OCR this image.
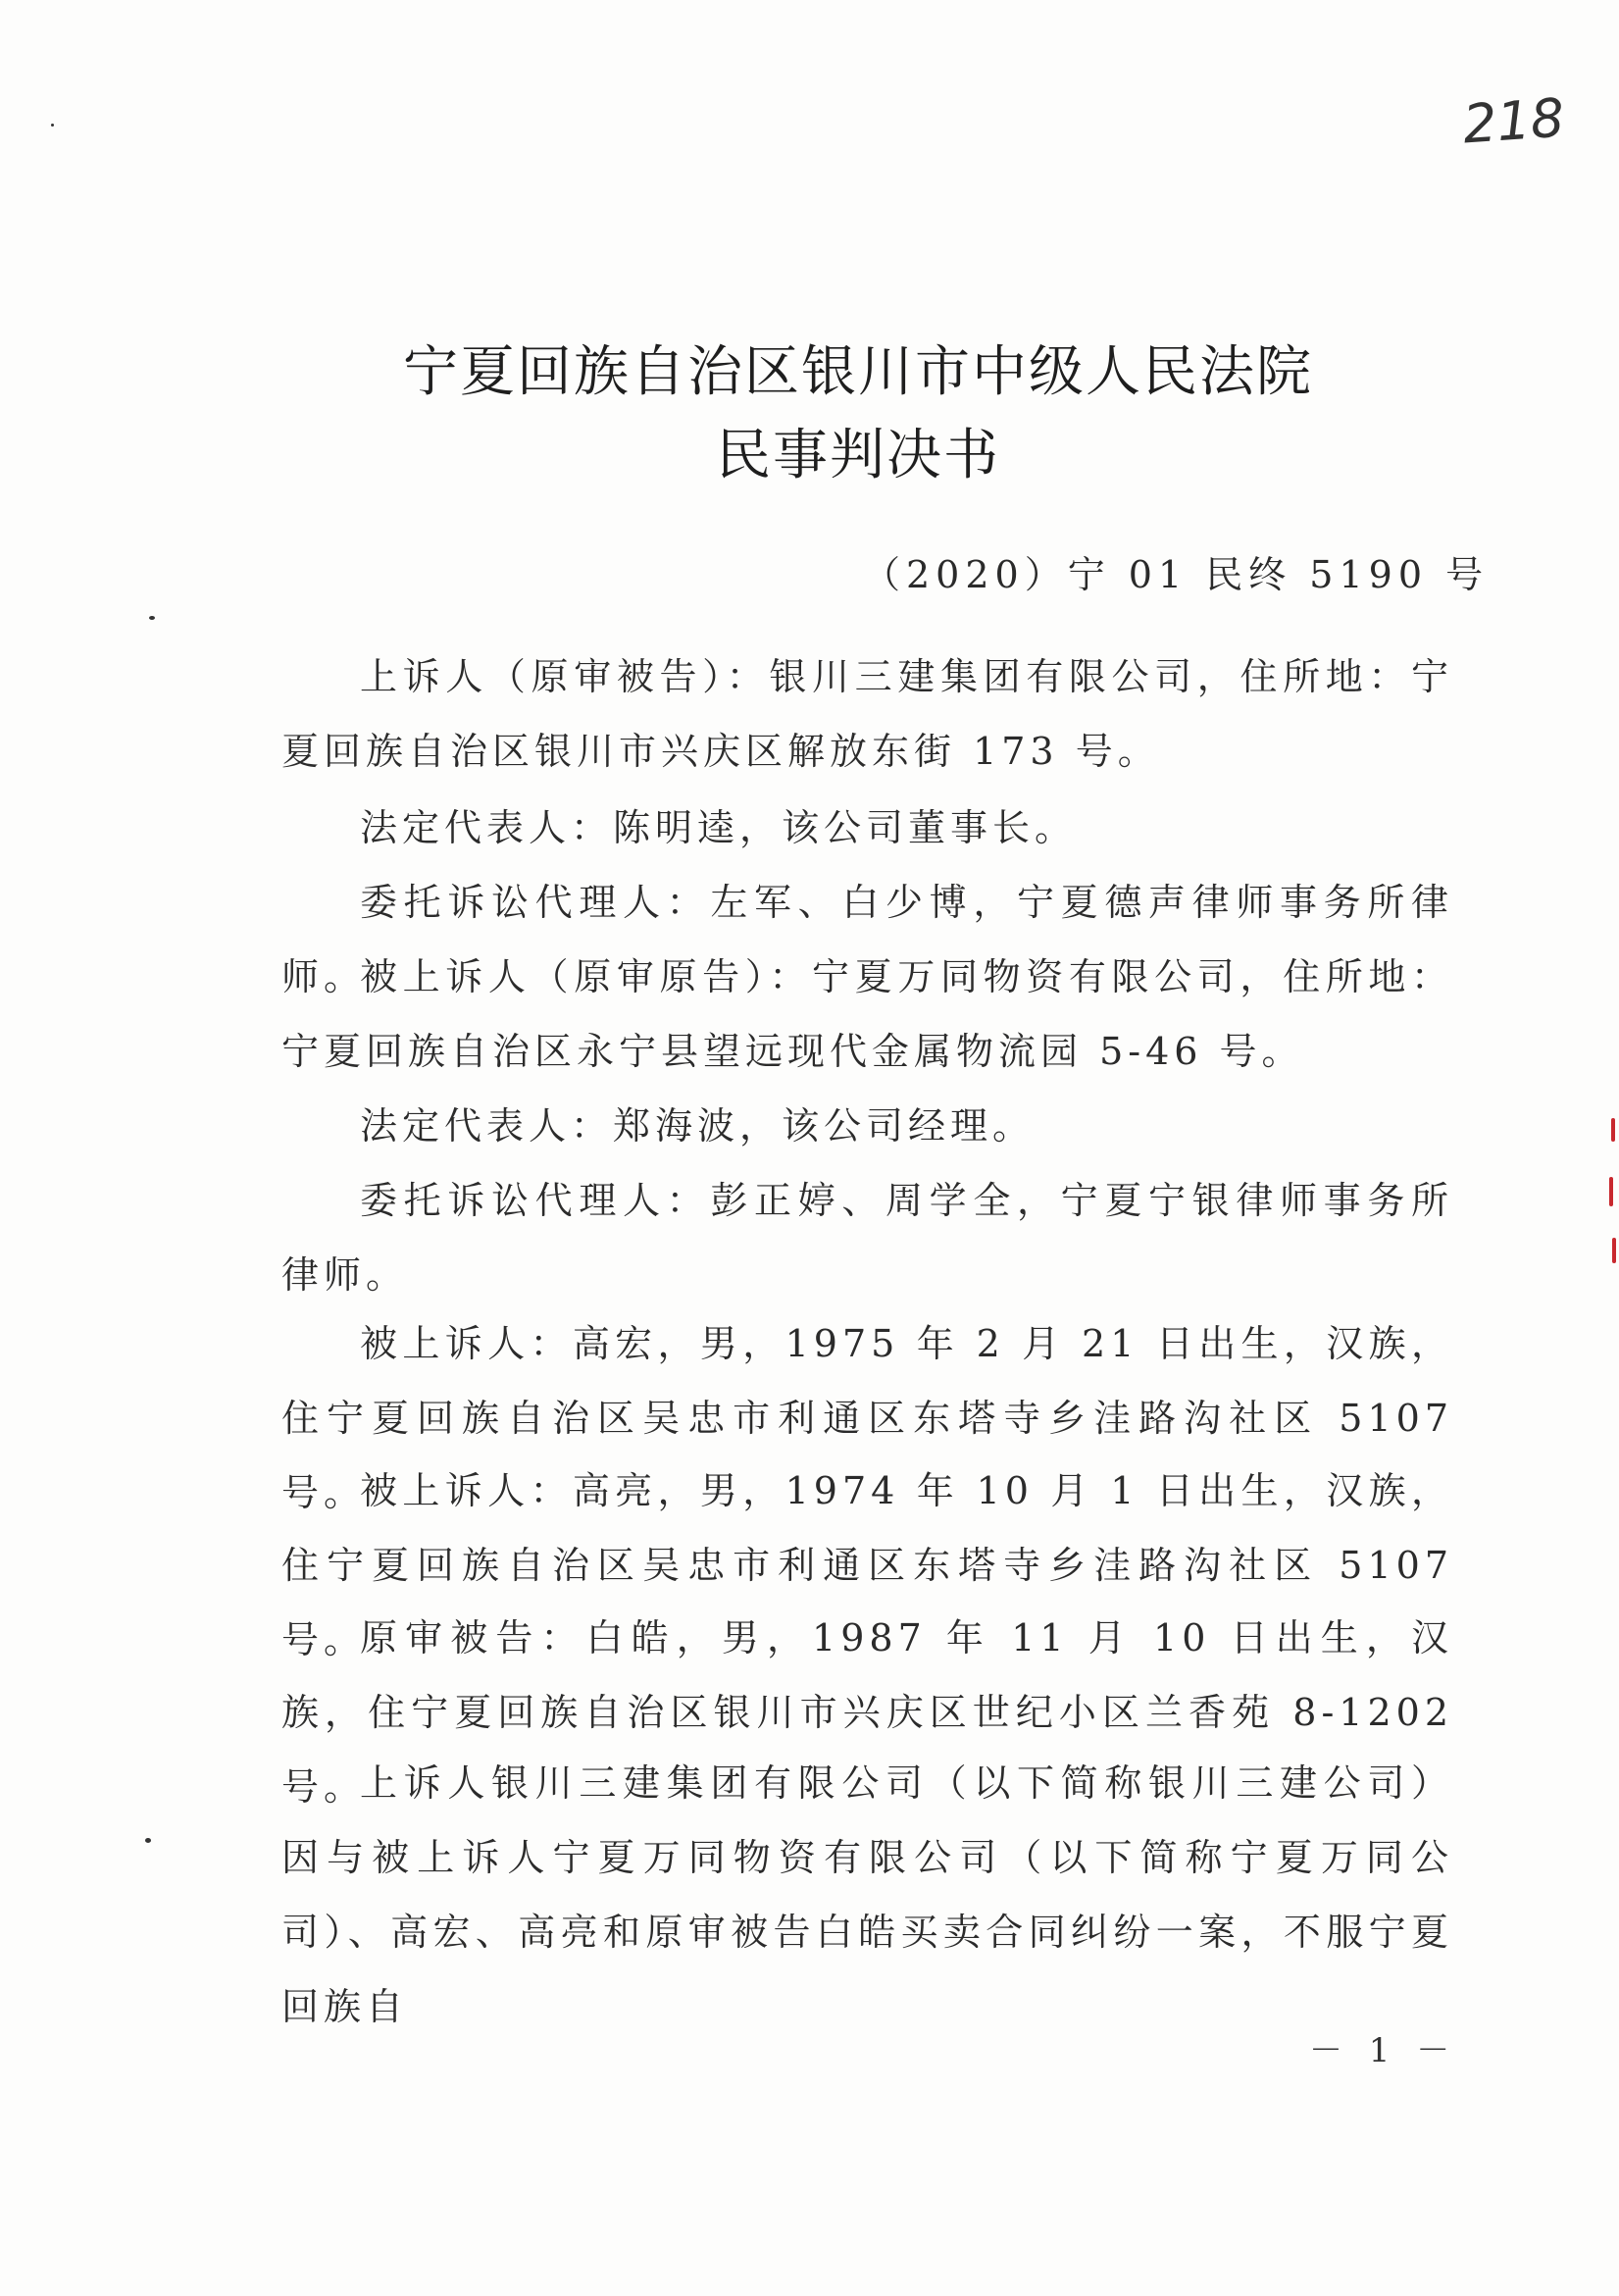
218
宁夏回族自治区银川市中级人民法院
民事判决书
（2020）宁 01 民终 5190 号

上诉人（原审被告）：银川三建集团有限公司，住所地：宁夏回族自治区银川市兴庆区解放东街 173 号。

法定代表人：陈明逵，该公司董事长。

委托诉讼代理人：左军、白少博，宁夏德声律师事务所律师。

被上诉人（原审原告）：宁夏万同物资有限公司，住所地：宁夏回族自治区永宁县望远现代金属物流园 5-46 号。

法定代表人：郑海波，该公司经理。

委托诉讼代理人：彭正婷、周学全，宁夏宁银律师事务所律师。

被上诉人：高宏，男，1975 年 2 月 21 日出生，汉族，住宁夏回族自治区吴忠市利通区东塔寺乡洼路沟社区 5107 号。

被上诉人：高亮，男，1974 年 10 月 1 日出生，汉族，住宁夏回族自治区吴忠市利通区东塔寺乡洼路沟社区 5107 号。

原审被告：白皓，男，1987 年 11 月 10 日出生，汉族，住宁夏回族自治区银川市兴庆区世纪小区兰香苑 8-1202 号。

上诉人银川三建集团有限公司（以下简称银川三建公司）因与被上诉人宁夏万同物资有限公司（以下简称宁夏万同公司）、高宏、高亮和原审被告白皓买卖合同纠纷一案，不服宁夏回族自

－ 1 －
